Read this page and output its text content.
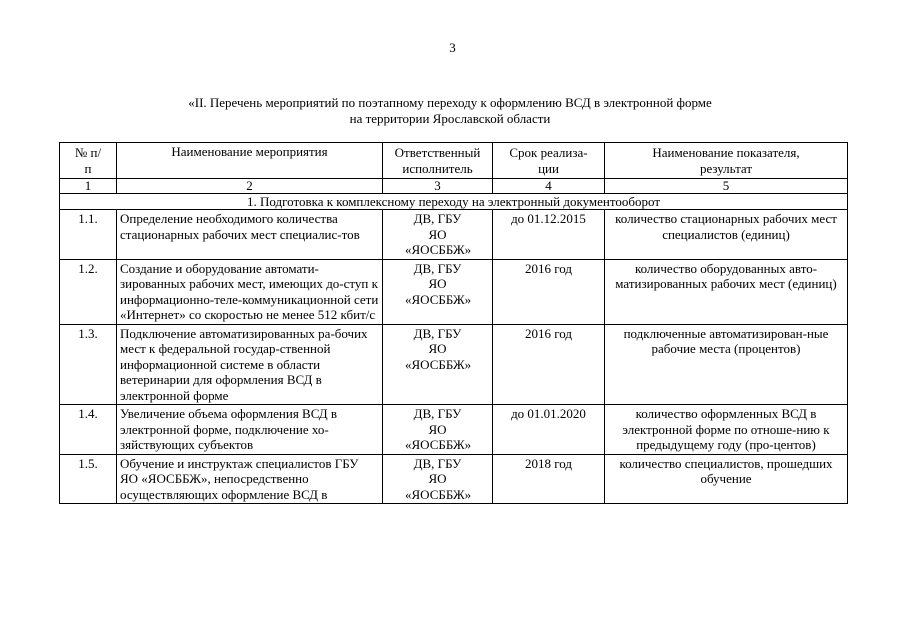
3
«II. Перечень мероприятий по поэтапному переходу к оформлению ВСД в электронной форме
на территории Ярославской области
№ п/п	Наименование мероприятия	Ответственный исполнитель	Срок реализа-ции	Наименование показателя, результат
1	2	3	4	5
1. Подготовка к комплексному переходу на электронный документооборот				
1.1.	Определение необходимого количества стационарных рабочих мест специалис-тов	ДВ, ГБУ ЯО «ЯОСББЖ»	до 01.12.2015	количество стационарных рабочих мест специалистов (единиц)
1.2.	Создание и оборудование автомати-зированных рабочих мест, имеющих до-ступ к информационно-теле-коммуникационной сети «Интернет» со скоростью не менее 512 кбит/с	ДВ, ГБУ ЯО «ЯОСББЖ»	2016 год	количество оборудованных авто-матизированных рабочих мест (единиц)
1.3.	Подключение автоматизированных ра-бочих мест к федеральной государ-ственной информационной системе в области ветеринарии для оформления ВСД в электронной форме	ДВ, ГБУ ЯО «ЯОСББЖ»	2016 год	подключенные автоматизирован-ные рабочие места (процентов)
1.4.	Увеличение объема оформления ВСД в электронной форме, подключение хо-зяйствующих субъектов	ДВ, ГБУ ЯО «ЯОСББЖ»	до 01.01.2020	количество оформленных ВСД в электронной форме по отноше-нию к предыдущему году (про-центов)
1.5.	Обучение и инструктаж специалистов ГБУ ЯО «ЯОСББЖ», непосредственно осуществляющих оформление ВСД в	ДВ, ГБУ ЯО «ЯОСББЖ»	2018 год	количество специалистов, прошедших обучение
